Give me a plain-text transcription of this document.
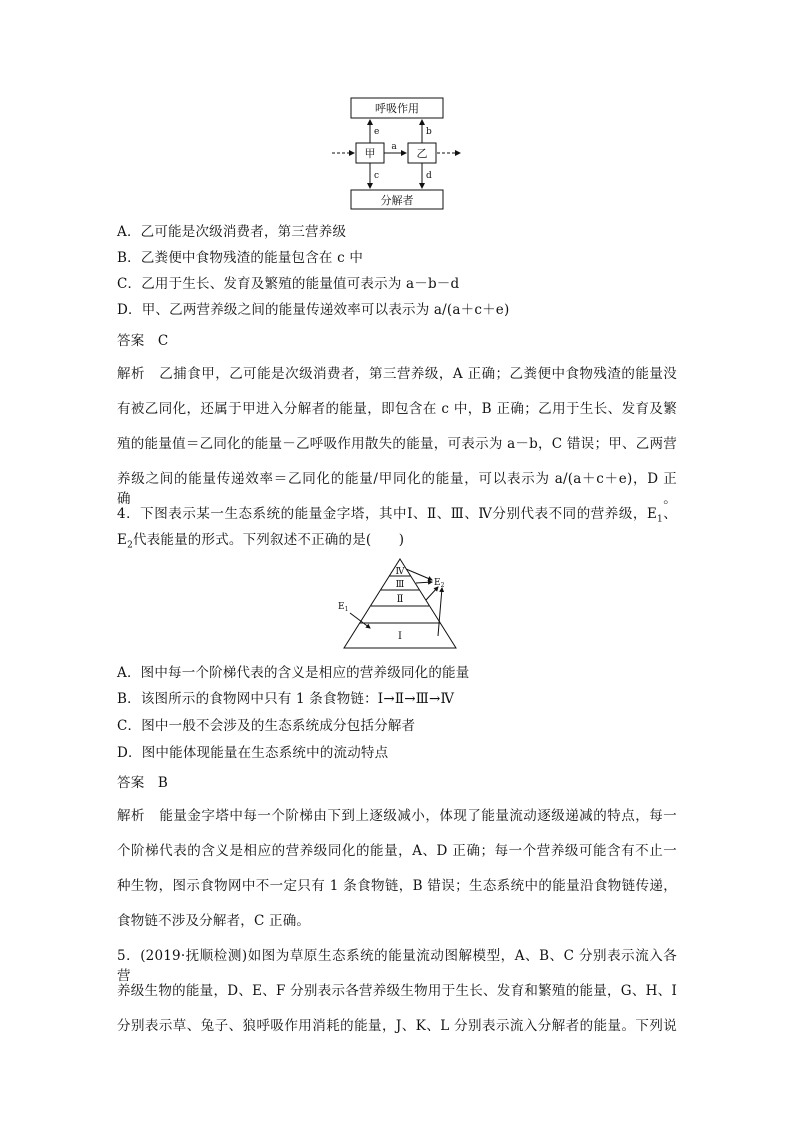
呼吸作用
分解者
甲	乙
a
e	b
c	d
A．乙可能是次级消费者，第三营养级
B．乙粪便中食物残渣的能量包含在 c 中
C．乙用于生长、发育及繁殖的能量值可表示为 a－b－d
D．甲、乙两营养级之间的能量传递效率可以表示为 a/(a＋c＋e)
答案 C
解析 乙捕食甲，乙可能是次级消费者，第三营养级，A 正确；乙粪便中食物残渣的能量没
有被乙同化，还属于甲进入分解者的能量，即包含在 c 中，B 正确；乙用于生长、发育及繁
殖的能量值＝乙同化的能量－乙呼吸作用散失的能量，可表示为 a－b，C 错误；甲、乙两营
养级之间的能量传递效率＝乙同化的能量/甲同化的能量，可以表示为 a/(a＋c＋e)，D 正确。
4．下图表示某一生态系统的能量金字塔，其中Ⅰ、Ⅱ、Ⅲ、Ⅳ分别代表不同的营养级，$E_1$、
$E_2$代表能量的形式。下列叙述不正确的是(　　)
Ⅳ
Ⅲ
Ⅱ
Ⅰ
$E_1$
$E_2$
A．图中每一个阶梯代表的含义是相应的营养级同化的能量
B．该图所示的食物网中只有 1 条食物链：Ⅰ→Ⅱ→Ⅲ→Ⅳ
C．图中一般不会涉及的生态系统成分包括分解者
D．图中能体现能量在生态系统中的流动特点
答案 B
解析 能量金字塔中每一个阶梯由下到上逐级减小，体现了能量流动逐级递减的特点，每一
个阶梯代表的含义是相应的营养级同化的能量，A、D 正确；每一个营养级可能含有不止一
种生物，图示食物网中不一定只有 1 条食物链，B 错误；生态系统中的能量沿食物链传递，
食物链不涉及分解者，C 正确。
5．(2019·抚顺检测)如图为草原生态系统的能量流动图解模型，A、B、C 分别表示流入各营
养级生物的能量，D、E、F 分别表示各营养级生物用于生长、发育和繁殖的能量，G、H、I
分别表示草、兔子、狼呼吸作用消耗的能量，J、K、L 分别表示流入分解者的能量。下列说
